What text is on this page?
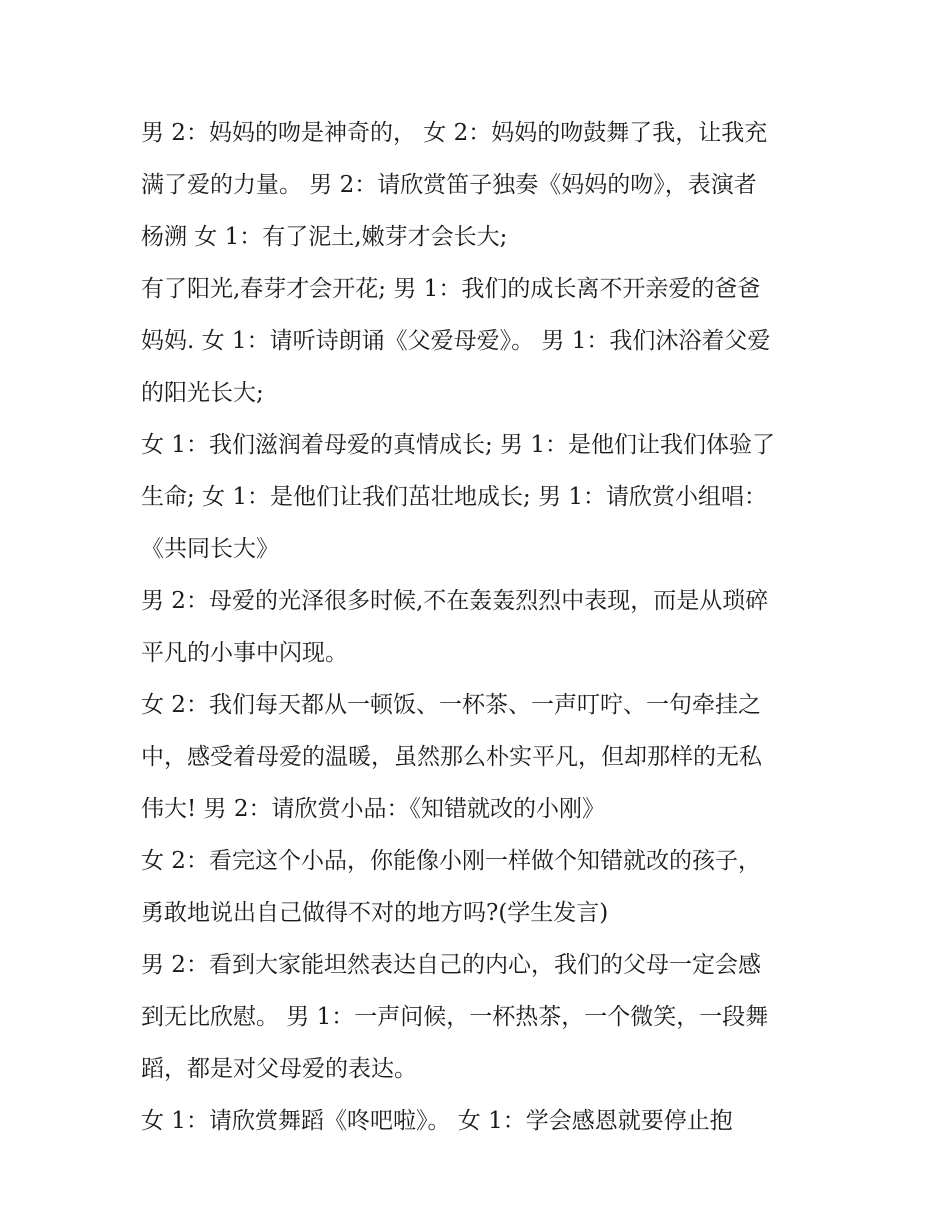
男 2：妈妈的吻是神奇的， 女 2：妈妈的吻鼓舞了我，让我充
满了爱的力量。 男 2：请欣赏笛子独奏《妈妈的吻》，表演者
杨溯 女 1：有了泥土,嫩芽才会长大;

有了阳光,春芽才会开花; 男 1：我们的成长离不开亲爱的爸爸
妈妈. 女 1：请听诗朗诵《父爱母爱》。 男 1：我们沐浴着父爱
的阳光长大;

女 1：我们滋润着母爱的真情成长; 男 1：是他们让我们体验了
生命; 女 1：是他们让我们茁壮地成长; 男 1：请欣赏小组唱：
《共同长大》

男 2：母爱的光泽很多时候,不在轰轰烈烈中表现，而是从琐碎
平凡的小事中闪现。

女 2：我们每天都从一顿饭、一杯茶、一声叮咛、一句牵挂之
中，感受着母爱的温暖，虽然那么朴实平凡，但却那样的无私
伟大! 男 2：请欣赏小品：《知错就改的小刚》

女 2：看完这个小品，你能像小刚一样做个知错就改的孩子，
勇敢地说出自己做得不对的地方吗?(学生发言)

男 2：看到大家能坦然表达自己的内心，我们的父母一定会感
到无比欣慰。 男 1：一声问候，一杯热茶，一个微笑，一段舞
蹈，都是对父母爱的表达。

女 1：请欣赏舞蹈《咚吧啦》。 女 1：学会感恩就要停止抱
